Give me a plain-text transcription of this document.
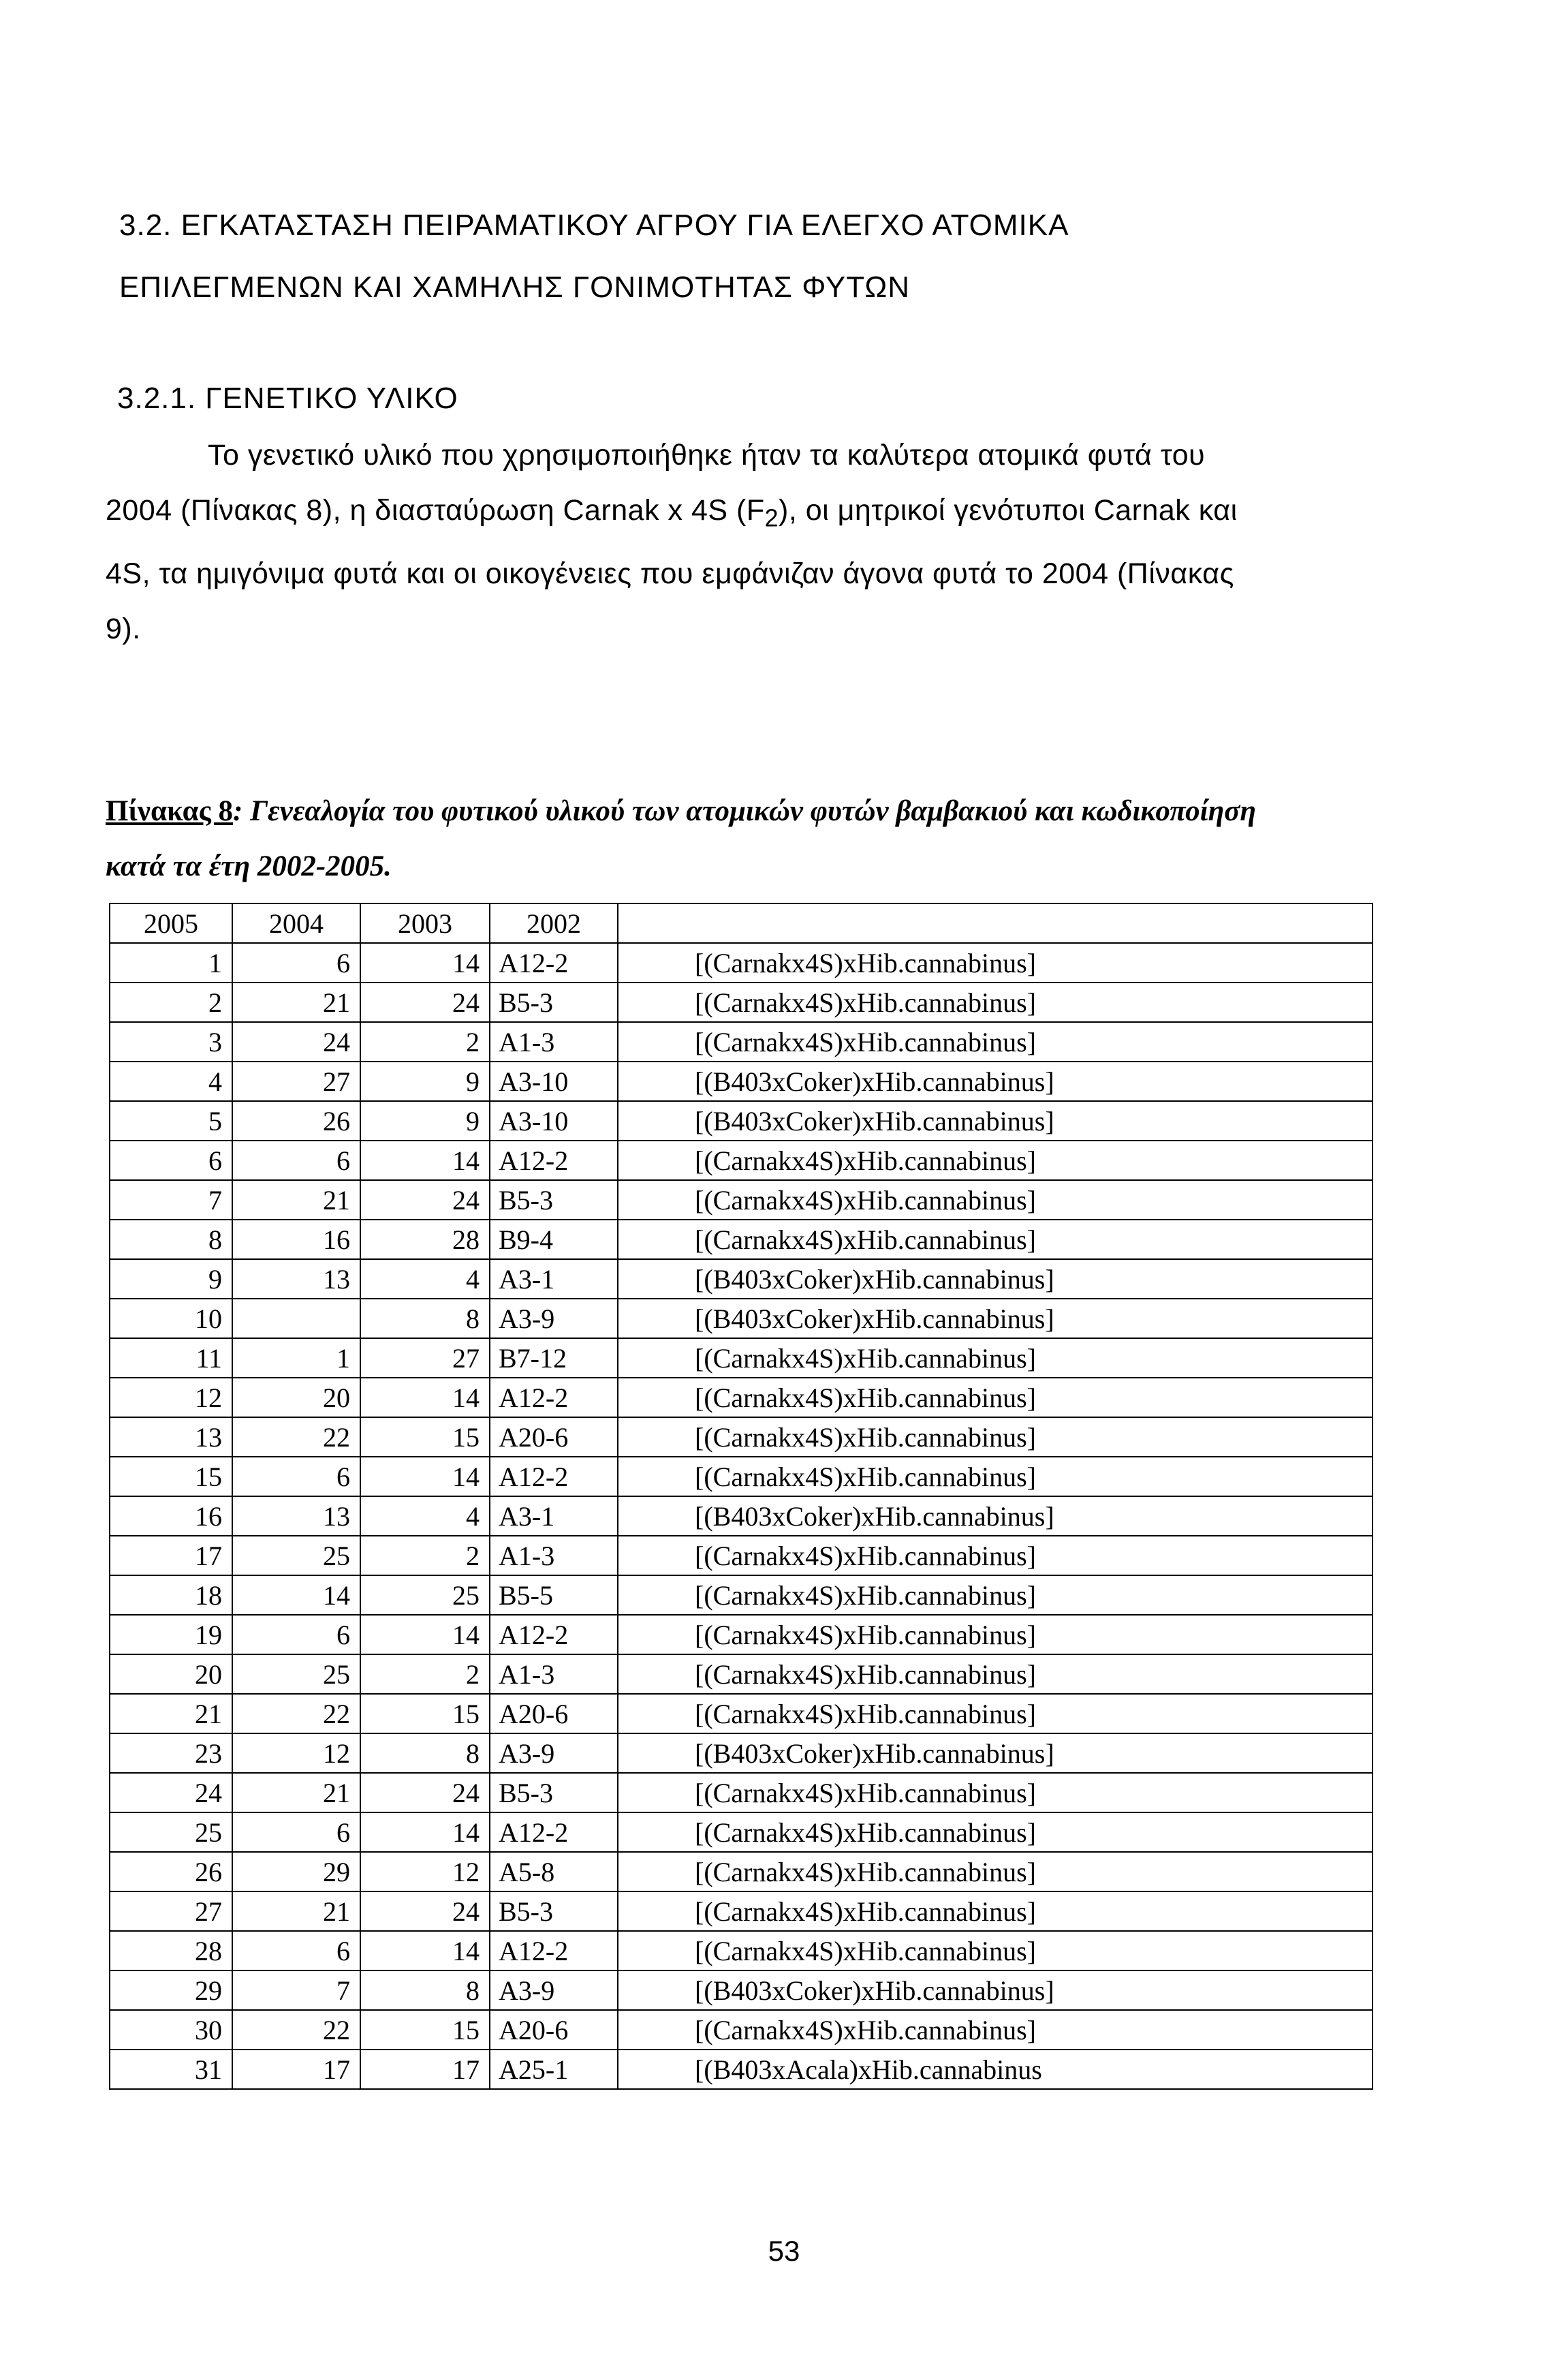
3.2. ΕΓΚΑΤΑΣΤΑΣΗ ΠΕΙΡΑΜΑΤΙΚΟΥ ΑΓΡΟΥ ΓΙΑ ΕΛΕΓΧΟ ΑΤΟΜΙΚΑ
ΕΠΙΛΕΓΜΕΝΩΝ ΚΑΙ ΧΑΜΗΛΗΣ ΓΟΝΙΜΟΤΗΤΑΣ ΦΥΤΩΝ
3.2.1. ΓΕΝΕΤΙΚΟ ΥΛΙΚΟ
Το γενετικό υλικό που χρησιμοποιήθηκε ήταν τα καλύτερα ατομικά φυτά του 2004 (Πίνακας 8), η διασταύρωση Carnak x 4S $(F_2)$, οι μητρικοί γενότυποι Carnak και 4S, τα ημιγόνιμα φυτά και οι οικογένειες που εμφάνιζαν άγονα φυτά το 2004 (Πίνακας 9).
Πίνακας 8: Γενεαλογία του φυτικού υλικού των ατομικών φυτών βαμβακιού και κωδικοποίηση κατά τα έτη 2002-2005.
2005	2004	2003	2002	
1	6	14	A12-2	[(Carnakx4S)xHib.cannabinus]
2	21	24	B5-3	[(Carnakx4S)xHib.cannabinus]
3	24	2	A1-3	[(Carnakx4S)xHib.cannabinus]
4	27	9	A3-10	[(B403xCoker)xHib.cannabinus]
5	26	9	A3-10	[(B403xCoker)xHib.cannabinus]
6	6	14	A12-2	[(Carnakx4S)xHib.cannabinus]
7	21	24	B5-3	[(Carnakx4S)xHib.cannabinus]
8	16	28	B9-4	[(Carnakx4S)xHib.cannabinus]
9	13	4	A3-1	[(B403xCoker)xHib.cannabinus]
10		8	A3-9	[(B403xCoker)xHib.cannabinus]
11	1	27	B7-12	[(Carnakx4S)xHib.cannabinus]
12	20	14	A12-2	[(Carnakx4S)xHib.cannabinus]
13	22	15	A20-6	[(Carnakx4S)xHib.cannabinus]
15	6	14	A12-2	[(Carnakx4S)xHib.cannabinus]
16	13	4	A3-1	[(B403xCoker)xHib.cannabinus]
17	25	2	A1-3	[(Carnakx4S)xHib.cannabinus]
18	14	25	B5-5	[(Carnakx4S)xHib.cannabinus]
19	6	14	A12-2	[(Carnakx4S)xHib.cannabinus]
20	25	2	A1-3	[(Carnakx4S)xHib.cannabinus]
21	22	15	A20-6	[(Carnakx4S)xHib.cannabinus]
23	12	8	A3-9	[(B403xCoker)xHib.cannabinus]
24	21	24	B5-3	[(Carnakx4S)xHib.cannabinus]
25	6	14	A12-2	[(Carnakx4S)xHib.cannabinus]
26	29	12	A5-8	[(Carnakx4S)xHib.cannabinus]
27	21	24	B5-3	[(Carnakx4S)xHib.cannabinus]
28	6	14	A12-2	[(Carnakx4S)xHib.cannabinus]
29	7	8	A3-9	[(B403xCoker)xHib.cannabinus]
30	22	15	A20-6	[(Carnakx4S)xHib.cannabinus]
31	17	17	A25-1	[(B403xAcala)xHib.cannabinus
53
